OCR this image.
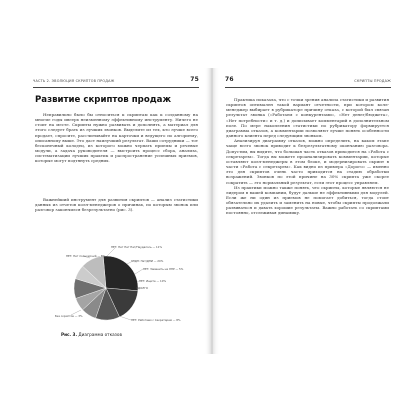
ЧАСТЬ 2. ЭВОЛЮЦИЯ СКРИПТОВ ПРОДАЖ	75
Развитие скриптов продаж

Неправильно было бы относиться к скриптам как к созданному на многие годы ивеерх неизменному эффективному инструменту. Ничего не стоит на месте. Скрипты нужно развивать и дополнять, а материал для этого следует брать из лучших звонков. Выделите из тех, кто лучше всего продает, спросите, рассчитывайте на карточки и ведущего по алгоритму, описанному выше. Это даст наилучший результат. Ваши сотрудники — тот бесконечный колодец, из которого можно черпать приемы и речевые модули, а задача руководителя — выстроить процесс сбора, анализа, систематизации лучших практик и распространение успешных приемов, которые могут подтянуть средних.

Важнейший инструмент для развития скриптов — анализ статистики данных из отчетов колл-менеджеров о причинах, по которым звонок или разговор закончился безрезультатно (рис. 3).

НЕТ: Нет полномочий — 8%
НЕТ: Нет Нет Нет/Неудалось — 11%
ЗНДП: Нет/ДНИ — 20%
НЕТ: Заменить на ЛПР — 5%
НЕТ: Ищите — 10%
ДОЛГО
Без скриптов — 3%
НЕТ: Работаем с Секретарем — 8%
Рис. 3. Диаграмма отказов
76	СКРИПТЫ ПРОДАЖ

Практика показала, что с точки зрения анализа статистики и развития скриптов оптимален такой вариант отчетности, при котором колл-менеджер выбирает в рубрикаторе причину отказа, с которой был связан результат звонка («Работаем с конкурентами», «Нет денег/бюджета», «Нет потребности» и т. д.) и дописывает комментарий в дополнительном поле. По мере накопления статистики по рубрикатору формируется диаграмма отказов, а комментарии позволяют лучше понять особенности данного клиента перед следующим звонком.

Анализируя диаграмму отказов, можно определить, на каком этапе чаще всего звонок приводит к безрезультатному окончанию разговора. Допустим, вы видите, что большая часть отказов приходится на «Работа с секретарем». Тогда вы можете проанализировать комментарии, которые оставляют колл-менеджеры в этом блоке, и модернизировать скрипт в части «Работа с секретарем». Как видно из примера «Дорого» — именно это для скриптов очень часто приходится на стадию обработки возражений. Звонков по этой причине на 30% скрипта уже скорее сократить — это нормальный результат, если этот процесс управляем.

Из практики можно также понять, что скрипты, которые являются не лидером в вашей компании, будут дальше не эффективными для модулей. Если же ни один из приемов не помогает добиться, тогда стоит обязательно их удалить и заменить на новые, чтобы скрипты продолжали развиваться и давать хорошие результаты. Важно работать со скриптами постоянно, отслеживая динамику.
